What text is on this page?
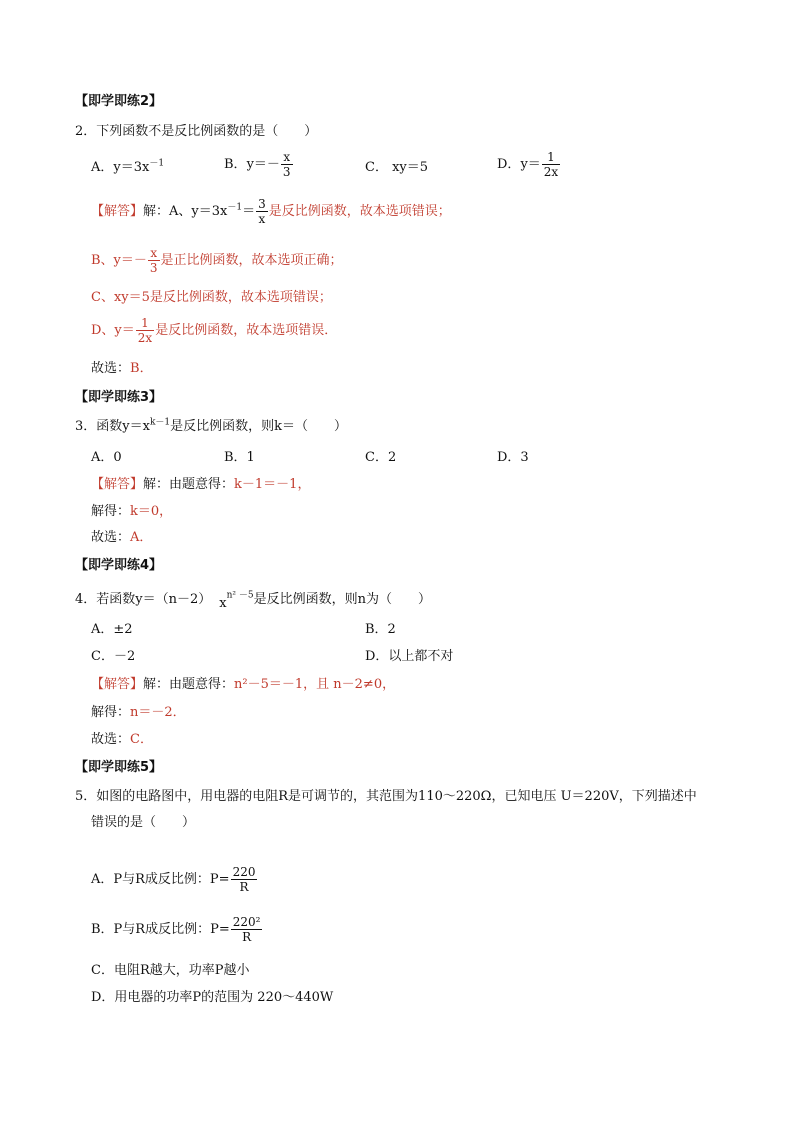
【即学即练2】
2．下列函数不是反比例函数的是（　　）
A．$y=3x^{-1}$	B．$y=- \frac{x}{3}$	C． xy＝5	D．$y= \frac{1}{2x}$
【解答】解：A、$y=3x^{-1}= \frac{3}{x}$ 是反比例函数，故本选项错误；
B、$y=- \frac{x}{3}$ 是正比例函数，故本选项正确；
C、xy＝5是反比例函数，故本选项错误；
D、$y= \frac{1}{2x}$ 是反比例函数，故本选项错误．
故选：B．
【即学即练3】
3．函数$y=x^{k-1}$是反比例函数，则k＝（　　）
A．0	B．1	C．2	D．3
【解答】解：由题意得：k－1＝－1，
解得：k＝0，
故选：A．
【即学即练4】
4．若函数y＝（n－2） $x^{n^2 -5}$是反比例函数，则n为（　　）
A．±2	B．2
C．－2	D．以上都不对
【解答】解：由题意得：n²－5＝－1，且 n－2≠0，
解得：n＝－2．
故选：C．
【即学即练5】
5．如图的电路图中，用电器的电阻R是可调节的，其范围为110～220Ω，已知电压 U＝220V，下列描述中
错误的是（　　）
A．P与R成反比例：$P= \frac{220}{R}$
B．P与R成反比例：$P= \frac{\text{220²}}{R}$
C．电阻R越大，功率P越小
D．用电器的功率P的范围为 220～440W
